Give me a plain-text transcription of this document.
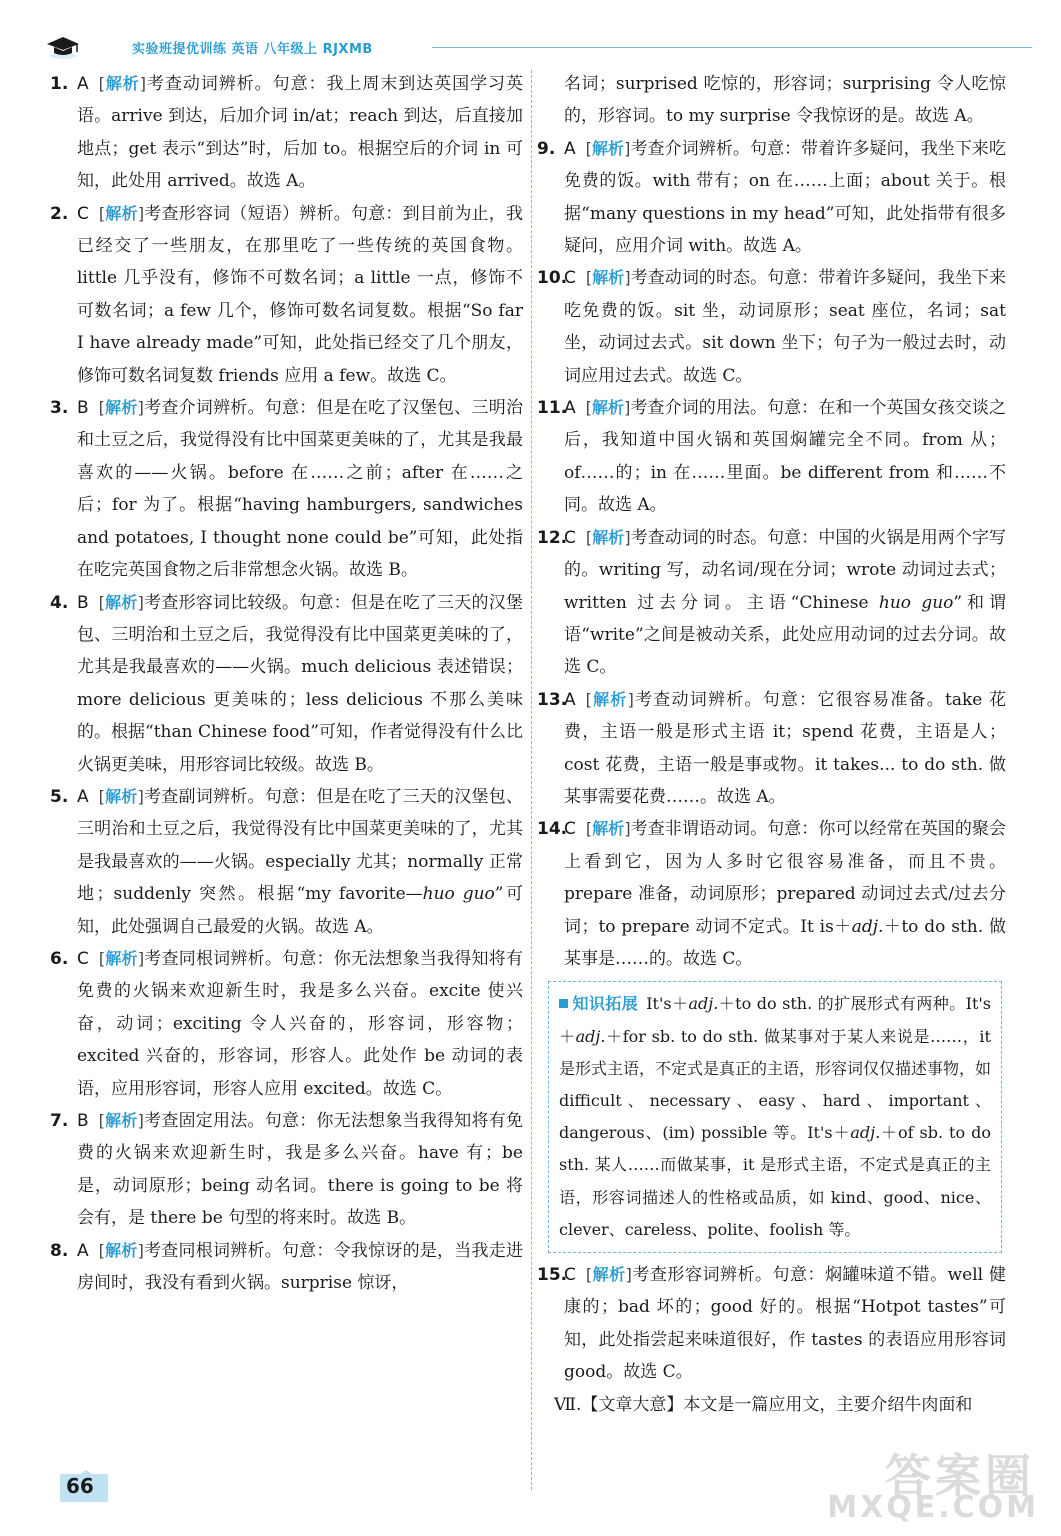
实验班提优训练 英语 八年级上 RJXMB
1. A [解析]考查动词辨析。句意：我上周末到达英国学习英语。arrive 到达，后加介词 in/at；reach 到达，后直接加地点；get 表示“到达”时，后加 to。根据空后的介词 in 可知，此处用 arrived。故选 A。
2. C [解析]考查形容词（短语）辨析。句意：到目前为止，我已经交了一些朋友，在那里吃了一些传统的英国食物。little 几乎没有，修饰不可数名词；a little 一点，修饰不可数名词；a few 几个，修饰可数名词复数。根据“So far I have already made”可知，此处指已经交了几个朋友，修饰可数名词复数 friends 应用 a few。故选 C。
3. B [解析]考查介词辨析。句意：但是在吃了汉堡包、三明治和土豆之后，我觉得没有比中国菜更美味的了，尤其是我最喜欢的——火锅。before 在……之前；after 在……之后；for 为了。根据“having hamburgers, sandwiches and potatoes, I thought none could be”可知，此处指在吃完英国食物之后非常想念火锅。故选 B。
4. B [解析]考查形容词比较级。句意：但是在吃了三天的汉堡包、三明治和土豆之后，我觉得没有比中国菜更美味的了，尤其是我最喜欢的——火锅。much delicious 表述错误；more delicious 更美味的；less delicious 不那么美味的。根据“than Chinese food”可知，作者觉得没有什么比火锅更美味，用形容词比较级。故选 B。
5. A [解析]考查副词辨析。句意：但是在吃了三天的汉堡包、三明治和土豆之后，我觉得没有比中国菜更美味的了，尤其是我最喜欢的——火锅。especially 尤其；normally 正常地；suddenly 突然。根据“my favorite—huo guo”可知，此处强调自己最爱的火锅。故选 A。
6. C [解析]考查同根词辨析。句意：你无法想象当我得知将有免费的火锅来欢迎新生时，我是多么兴奋。excite 使兴奋，动词；exciting 令人兴奋的，形容词，形容物；excited 兴奋的，形容词，形容人。此处作 be 动词的表语，应用形容词，形容人应用 excited。故选 C。
7. B [解析]考查固定用法。句意：你无法想象当我得知将有免费的火锅来欢迎新生时，我是多么兴奋。have 有；be 是，动词原形；being 动名词。there is going to be 将会有，是 there be 句型的将来时。故选 B。
8. A [解析]考查同根词辨析。句意：令我惊讶的是，当我走进房间时，我没有看到火锅。surprise 惊讶，
名词；surprised 吃惊的，形容词；surprising 令人吃惊的，形容词。to my surprise 令我惊讶的是。故选 A。
9. A [解析]考查介词辨析。句意：带着许多疑问，我坐下来吃免费的饭。with 带有；on 在……上面；about 关于。根据“many questions in my head”可知，此处指带有很多疑问，应用介词 with。故选 A。
10.
C [解析]考查动词的时态。句意：带着许多疑问，我坐下来吃免费的饭。sit 坐，动词原形；seat 座位，名词；sat 坐，动词过去式。sit down 坐下；句子为一般过去时，动词应用过去式。故选 C。
11.
A [解析]考查介词的用法。句意：在和一个英国女孩交谈之后，我知道中国火锅和英国焖罐完全不同。from 从；of……的；in 在……里面。be different from 和……不同。故选 A。
12.
C [解析]考查动词的时态。句意：中国的火锅是用两个字写的。writing 写，动名词/现在分词；wrote 动词过去式；written 过去分词。主语“Chinese huo guo”和谓语“write”之间是被动关系，此处应用动词的过去分词。故选 C。
13.
A [解析]考查动词辨析。句意：它很容易准备。take 花费，主语一般是形式主语 it；spend 花费，主语是人；cost 花费，主语一般是事或物。it takes... to do sth. 做某事需要花费……。故选 A。
14.
C [解析]考查非谓语动词。句意：你可以经常在英国的聚会上看到它，因为人多时它很容易准备，而且不贵。prepare 准备，动词原形；prepared 动词过去式/过去分词；to prepare 动词不定式。It is＋adj.＋to do sth. 做某事是……的。故选 C。
知识拓展 It's＋adj.＋to do sth. 的扩展形式有两种。It's＋adj.＋for sb. to do sth. 做某事对于某人来说是……，it 是形式主语，不定式是真正的主语，形容词仅仅描述事物，如 difficult、necessary、easy、hard、important、dangerous、(im) possible 等。It's＋adj.＋of sb. to do sth. 某人……而做某事，it 是形式主语，不定式是真正的主语，形容词描述人的性格或品质，如 kind、good、nice、clever、careless、polite、foolish 等。
15.
C [解析]考查形容词辨析。句意：焖罐味道不错。well 健康的；bad 坏的；good 好的。根据“Hotpot tastes”可知，此处指尝起来味道很好，作 tastes 的表语应用形容词 good。故选 C。
Ⅶ.【文章大意】本文是一篇应用文，主要介绍牛肉面和
66	答案圈
MXQE.COM
